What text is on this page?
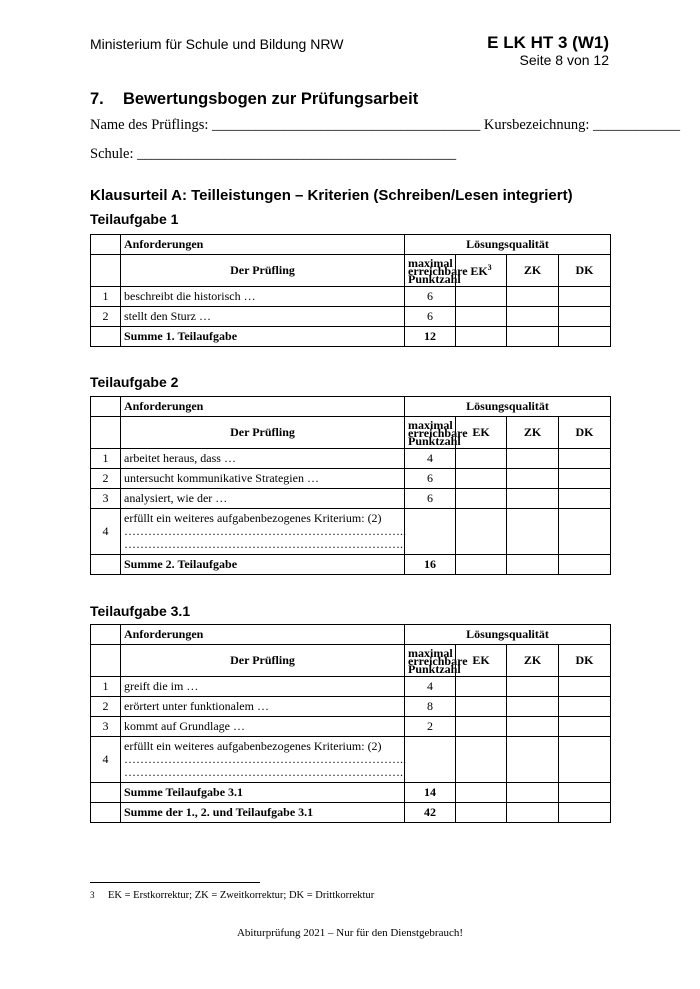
Ministerium für Schule und Bildung NRW	E LK HT 3 (W1)
Seite 8 von 12
7. Bewertungsbogen zur Prüfungsarbeit
Name des Prüflings: _____________________________________ Kursbezeichnung: ____________
Schule: ____________________________________________
Klausurteil A: Teilleistungen – Kriterien (Schreiben/Lesen integriert)
Teilaufgabe 1
	Anforderungen	Lösungsqualität			
	Der Prüfling	maximal erreichbare Punktzahl	$EK^3$	ZK	DK
1	beschreibt die historisch …	6			
2	stellt den Sturz …	6			
	Summe 1. Teilaufgabe	12			
Teilaufgabe 2
	Anforderungen	Lösungsqualität			
	Der Prüfling	maximal erreichbare Punktzahl	EK	ZK	DK
1	arbeitet heraus, dass …	4			
2	untersucht kommunikative Strategien …	6			
3	analysiert, wie der …	6			
4	erfüllt ein weiteres aufgabenbezogenes Kriterium: (2)
……………………………………………………………..
…………………………………………………………….				

	Summe 2. Teilaufgabe	16			
Teilaufgabe 3.1
	Anforderungen	Lösungsqualität			
	Der Prüfling	maximal erreichbare Punktzahl	EK	ZK	DK
1	greift die im …	4			
2	erörtert unter funktionalem …	8			
3	kommt auf Grundlage …	2			
4	erfüllt ein weiteres aufgabenbezogenes Kriterium: (2)
……………………………………………………………..
…………………………………………………………….				

	Summe Teilaufgabe 3.1	14			
	Summe der 1., 2. und Teilaufgabe 3.1	42			
3 EK = Erstkorrektur; ZK = Zweitkorrektur; DK = Drittkorrektur
Abiturprüfung 2021 – Nur für den Dienstgebrauch!
